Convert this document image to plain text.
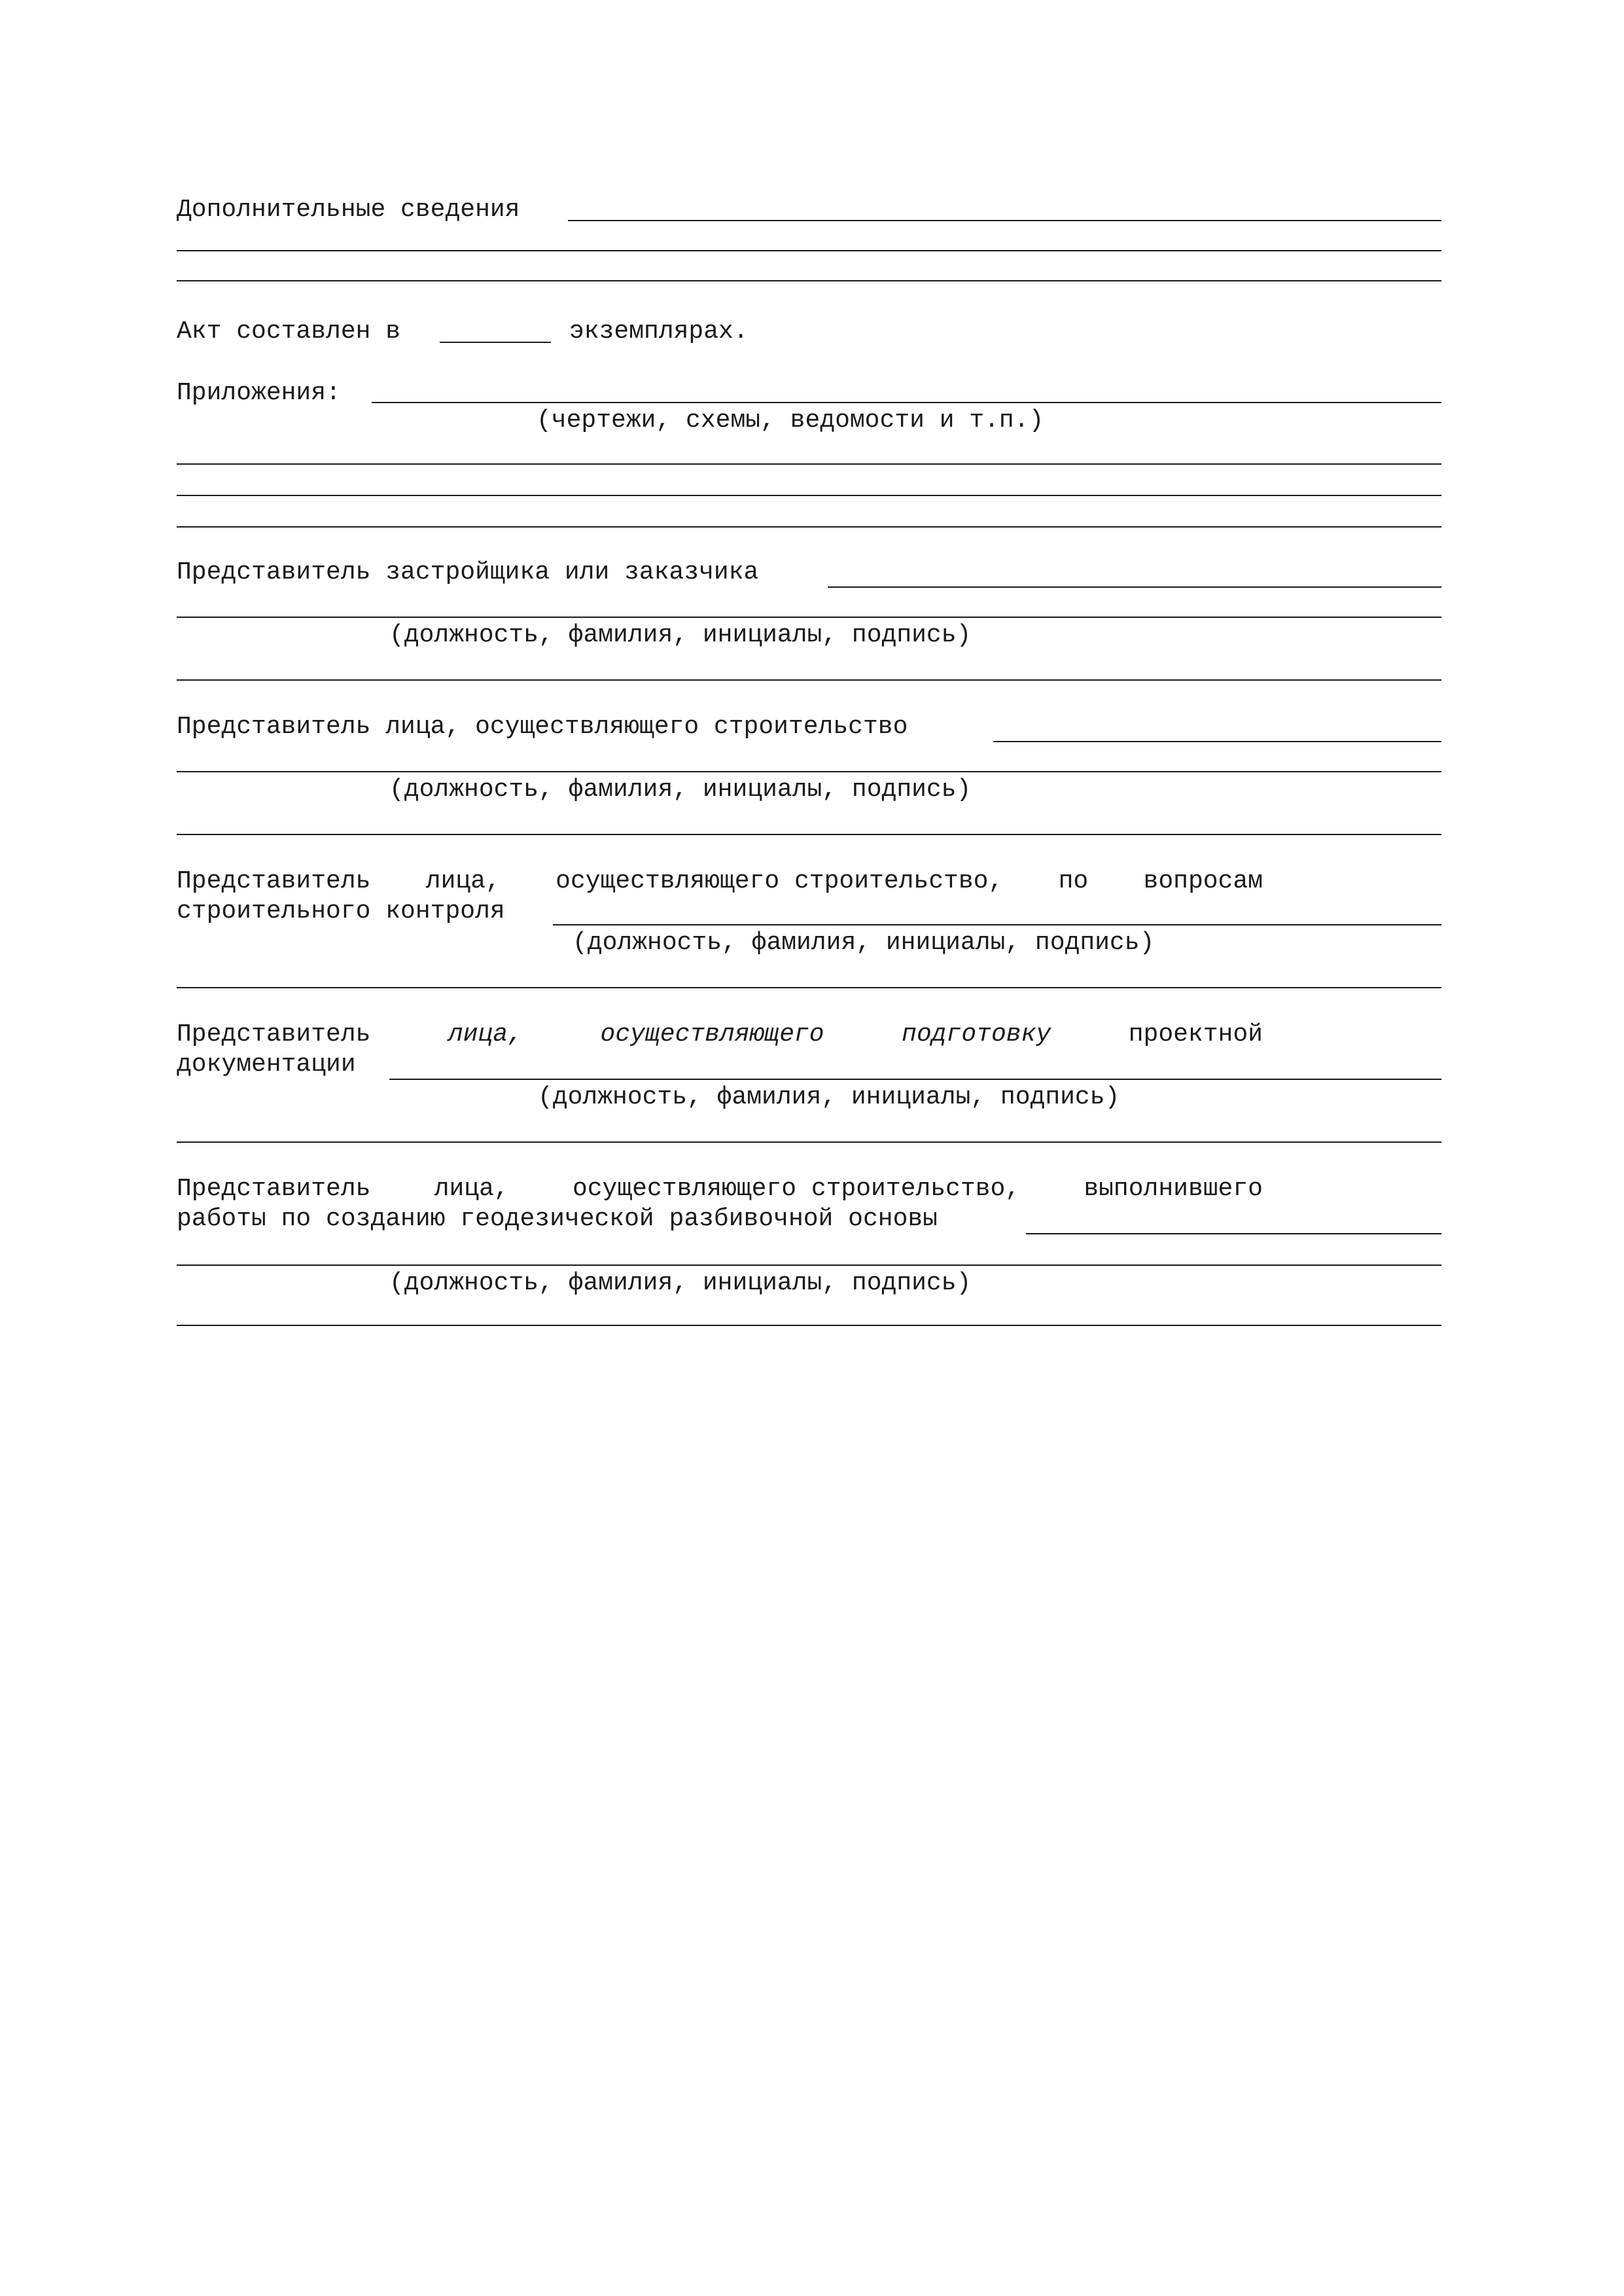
Дополнительные сведения
Акт составлен в	экземплярах.
Приложения:
(чертежи, схемы, ведомости и т.п.)
Представитель застройщика или заказчика
(должность, фамилия, инициалы, подпись)
Представитель лица, осуществляющего строительство
(должность, фамилия, инициалы, подпись)
Представитель лица, осуществляющего строительство, по вопросам
строительного контроля
(должность, фамилия, инициалы, подпись)
Представитель	лица,	осуществляющего	подготовку	проектной
документации
(должность, фамилия, инициалы, подпись)
Представитель	лица,	осуществляющего строительство,	выполнившего
работы по созданию геодезической разбивочной основы
(должность, фамилия, инициалы, подпись)
